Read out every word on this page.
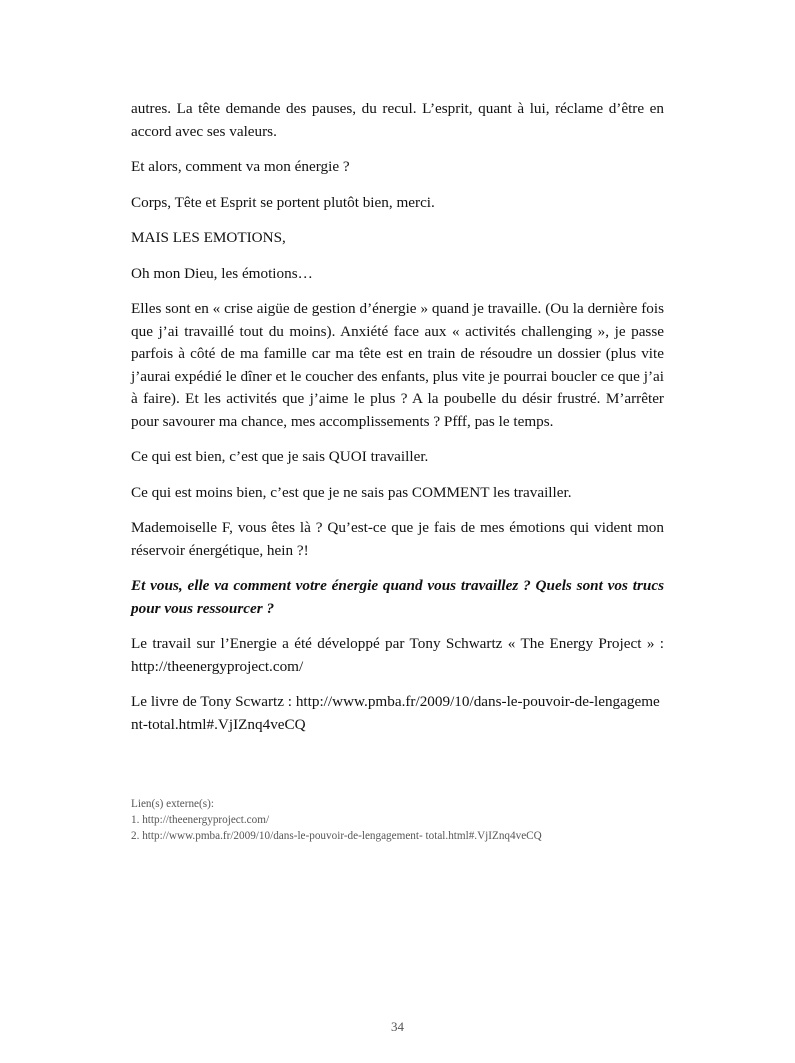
autres. La tête demande des pauses, du recul. L’esprit, quant à lui, réclame d’être en accord avec ses valeurs.

Et alors, comment va mon énergie ?

Corps, Tête et Esprit se portent plutôt bien, merci.

MAIS LES EMOTIONS,

Oh mon Dieu, les émotions…

Elles sont en « crise aigüe de gestion d’énergie » quand je travaille. (Ou la dernière fois que j’ai travaillé tout du moins). Anxiété face aux « activités challenging », je passe parfois à côté de ma famille car ma tête est en train de résoudre un dossier (plus vite j’aurai expédié le dîner et le coucher des enfants, plus vite je pourrai boucler ce que j’ai à faire). Et les activités que j’aime le plus ? A la poubelle du désir frustré. M’arrêter pour savourer ma chance, mes accomplissements ? Pfff, pas le temps.

Ce qui est bien, c’est que je sais QUOI travailler.

Ce qui est moins bien, c’est que je ne sais pas COMMENT les travailler.

Mademoiselle F, vous êtes là ? Qu’est-ce que je fais de mes émotions qui vident mon réservoir énergétique, hein ?!

Et vous, elle va comment votre énergie quand vous travaillez ? Quels sont vos trucs pour vous ressourcer ?

Le travail sur l’Energie a été développé par Tony Schwartz « The Energy Project » : http://theenergyproject.com/

Le livre de Tony Scwartz : http://www.pmba.fr/2009/10/dans-le-pouvoir-de-lengagement-total.html#.VjIZnq4veCQ

Lien(s) externe(s):
1. http://theenergyproject.com/
2. http://www.pmba.fr/2009/10/dans-le-pouvoir-de-lengagement- total.html#.VjIZnq4veCQ
34
